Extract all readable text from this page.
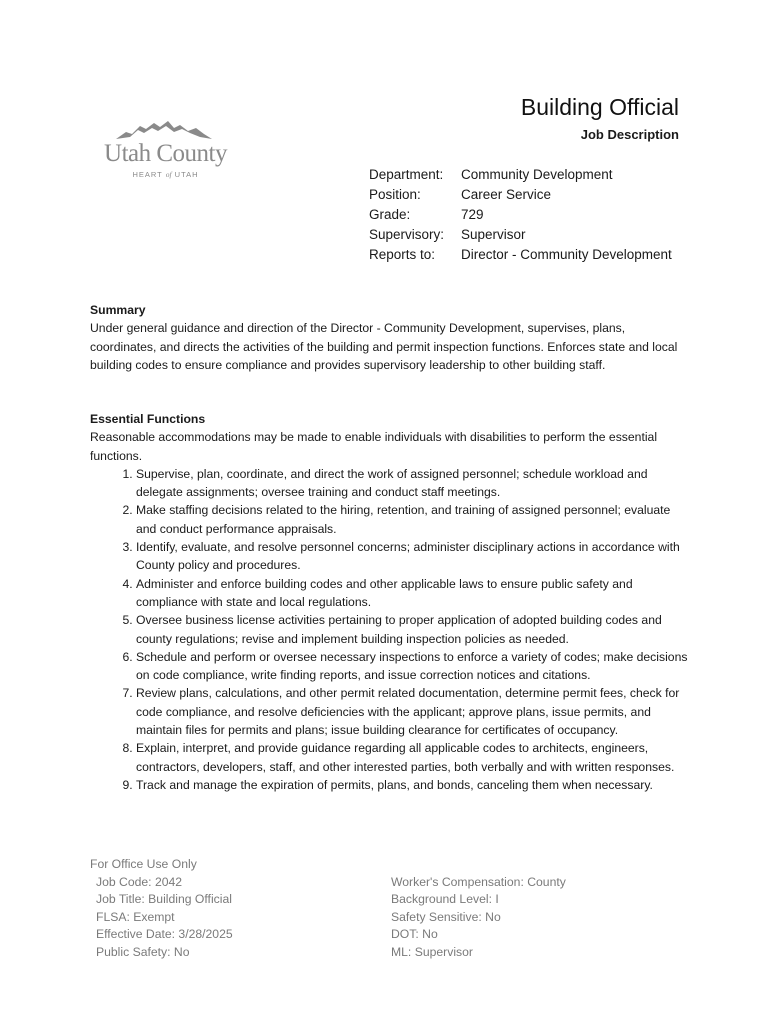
Utah County
HEART of UTAH
Building Official
Job Description
Department: Community Development
Position:	Career Service
Grade:	729
Supervisory: Supervisor
Reports to: Director - Community Development
Summary
Under general guidance and direction of the Director - Community Development, supervises, plans, coordinates, and directs the activities of the building and permit inspection functions. Enforces state and local building codes to ensure compliance and provides supervisory leadership to other building staff.
Essential Functions
Reasonable accommodations may be made to enable individuals with disabilities to perform the essential functions.
1. Supervise, plan, coordinate, and direct the work of assigned personnel; schedule workload and delegate assignments; oversee training and conduct staff meetings.
2. Make staffing decisions related to the hiring, retention, and training of assigned personnel; evaluate and conduct performance appraisals.
3. Identify, evaluate, and resolve personnel concerns; administer disciplinary actions in accordance with County policy and procedures.
4. Administer and enforce building codes and other applicable laws to ensure public safety and compliance with state and local regulations.
5. Oversee business license activities pertaining to proper application of adopted building codes and county regulations; revise and implement building inspection policies as needed.
6. Schedule and perform or oversee necessary inspections to enforce a variety of codes; make decisions on code compliance, write finding reports, and issue correction notices and citations.
7. Review plans, calculations, and other permit related documentation, determine permit fees, check for code compliance, and resolve deficiencies with the applicant; approve plans, issue permits, and maintain files for permits and plans; issue building clearance for certificates of occupancy.
8. Explain, interpret, and provide guidance regarding all applicable codes to architects, engineers, contractors, developers, staff, and other interested parties, both verbally and with written responses.
9. Track and manage the expiration of permits, plans, and bonds, canceling them when necessary.
For Office Use Only
Job Code: 2042
Job Title: Building Official
FLSA: Exempt
Effective Date: 3/28/2025
Public Safety: No
Worker's Compensation: County
Background Level: I
Safety Sensitive: No
DOT: No
ML: Supervisor
